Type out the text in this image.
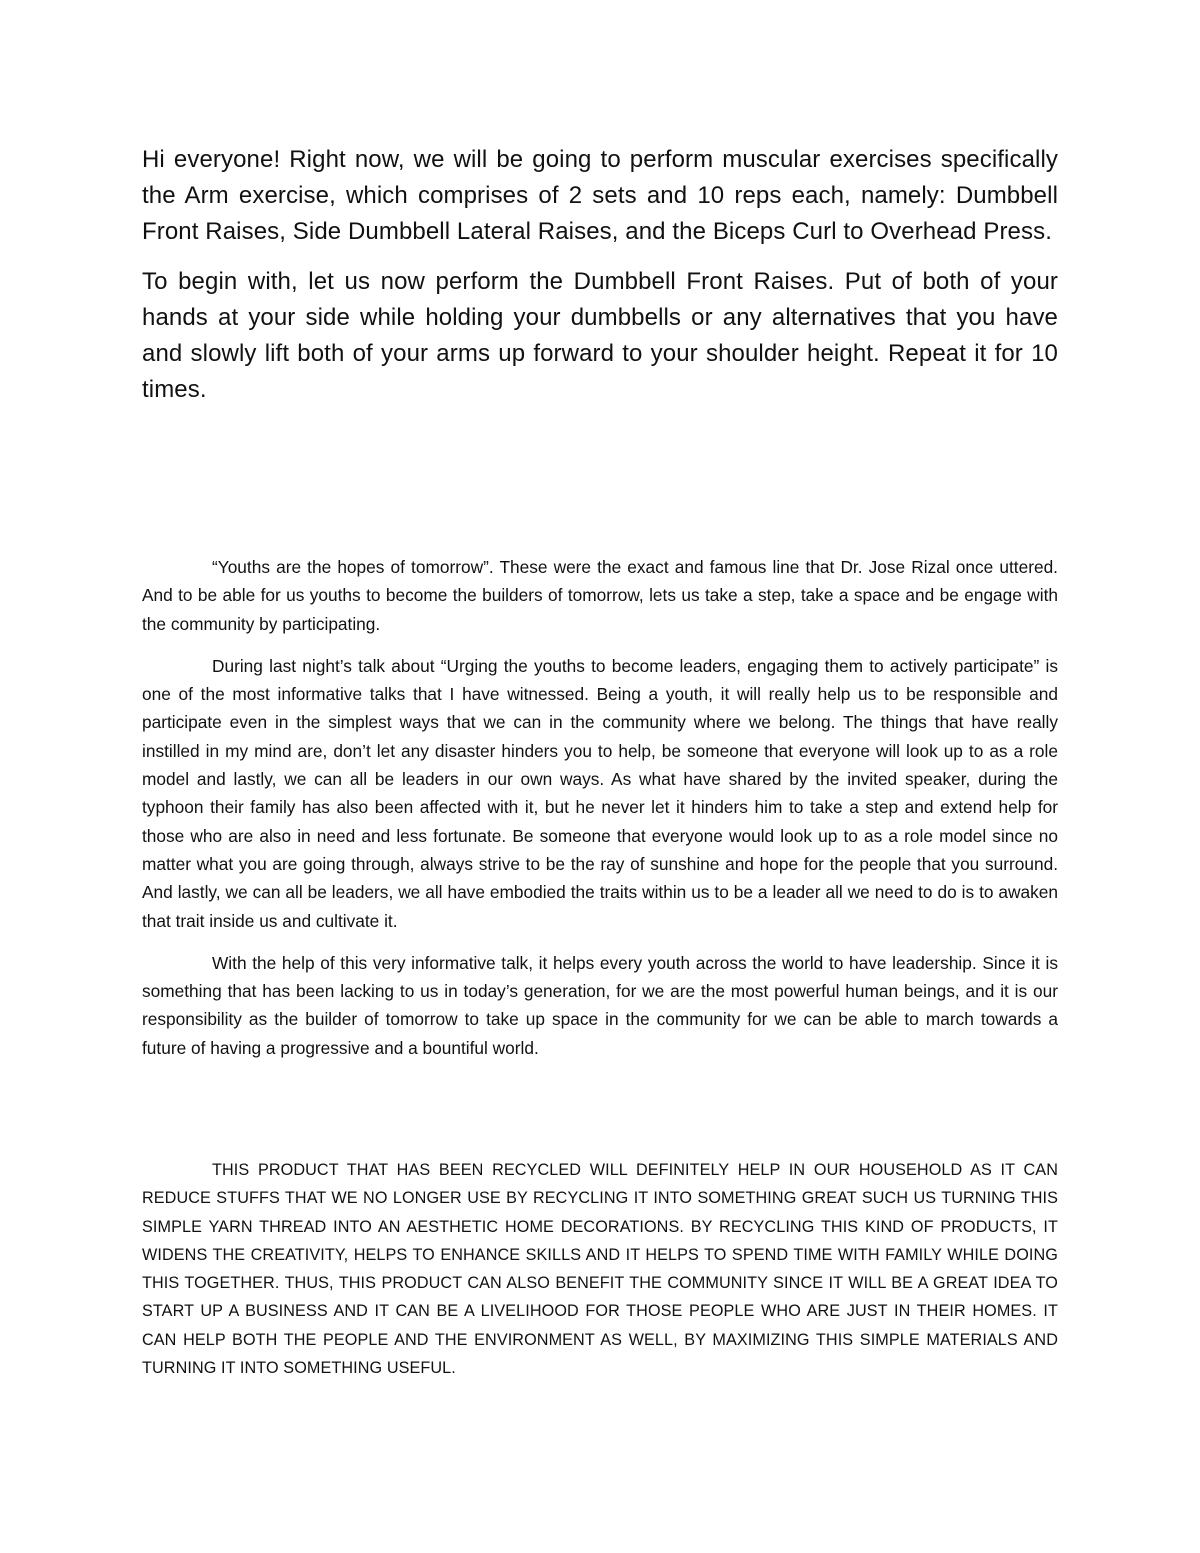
Hi everyone! Right now, we will be going to perform muscular exercises specifically the Arm exercise, which comprises of 2 sets and 10 reps each, namely: Dumbbell Front Raises, Side Dumbbell Lateral Raises, and the Biceps Curl to Overhead Press.

To begin with, let us now perform the Dumbbell Front Raises. Put of both of your hands at your side while holding your dumbbells or any alternatives that you have and slowly lift both of your arms up forward to your shoulder height. Repeat it for 10 times.

“Youths are the hopes of tomorrow”. These were the exact and famous line that Dr. Jose Rizal once uttered. And to be able for us youths to become the builders of tomorrow, lets us take a step, take a space and be engage with the community by participating.

During last night’s talk about “Urging the youths to become leaders, engaging them to actively participate” is one of the most informative talks that I have witnessed. Being a youth, it will really help us to be responsible and participate even in the simplest ways that we can in the community where we belong. The things that have really instilled in my mind are, don’t let any disaster hinders you to help, be someone that everyone will look up to as a role model and lastly, we can all be leaders in our own ways. As what have shared by the invited speaker, during the typhoon their family has also been affected with it, but he never let it hinders him to take a step and extend help for those who are also in need and less fortunate. Be someone that everyone would look up to as a role model since no matter what you are going through, always strive to be the ray of sunshine and hope for the people that you surround. And lastly, we can all be leaders, we all have embodied the traits within us to be a leader all we need to do is to awaken that trait inside us and cultivate it.

With the help of this very informative talk, it helps every youth across the world to have leadership. Since it is something that has been lacking to us in today’s generation, for we are the most powerful human beings, and it is our responsibility as the builder of tomorrow to take up space in the community for we can be able to march towards a future of having a progressive and a bountiful world.

THIS PRODUCT THAT HAS BEEN RECYCLED WILL DEFINITELY HELP IN OUR HOUSEHOLD AS IT CAN REDUCE STUFFS THAT WE NO LONGER USE BY RECYCLING IT INTO SOMETHING GREAT SUCH US TURNING THIS SIMPLE YARN THREAD INTO AN AESTHETIC HOME DECORATIONS. BY RECYCLING THIS KIND OF PRODUCTS, IT WIDENS THE CREATIVITY, HELPS TO ENHANCE SKILLS AND IT HELPS TO SPEND TIME WITH FAMILY WHILE DOING THIS TOGETHER. THUS, THIS PRODUCT CAN ALSO BENEFIT THE COMMUNITY SINCE IT WILL BE A GREAT IDEA TO START UP A BUSINESS AND IT CAN BE A LIVELIHOOD FOR THOSE PEOPLE WHO ARE JUST IN THEIR HOMES. IT CAN HELP BOTH THE PEOPLE AND THE ENVIRONMENT AS WELL, BY MAXIMIZING THIS SIMPLE MATERIALS AND TURNING IT INTO SOMETHING USEFUL.
